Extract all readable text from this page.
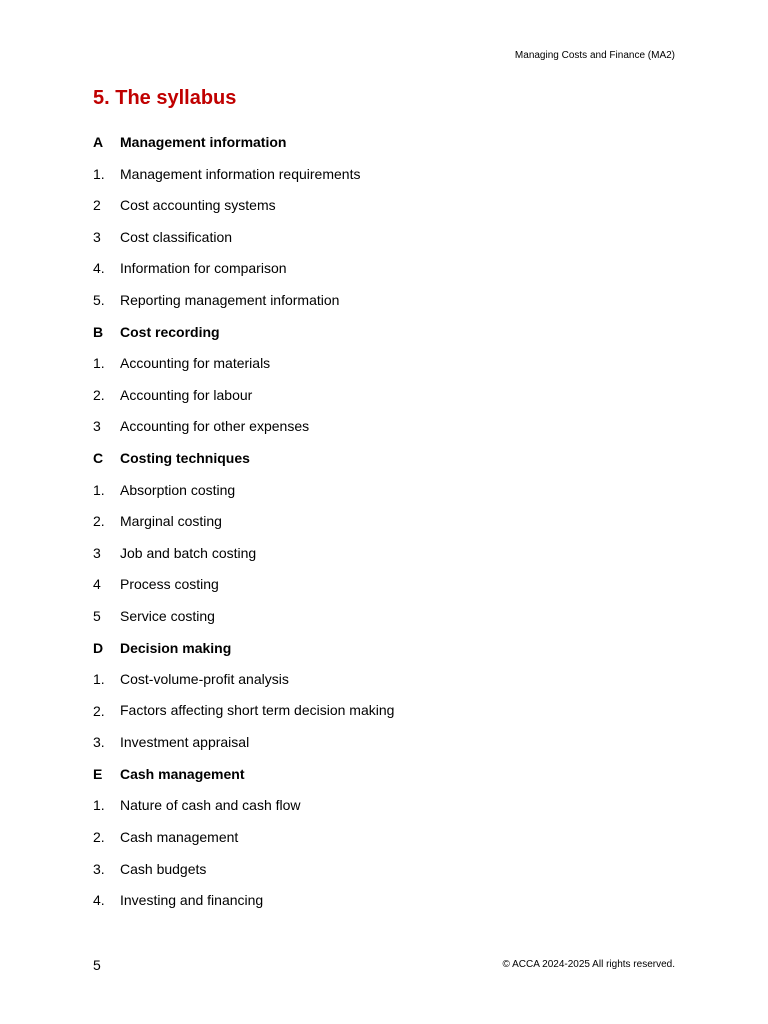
Managing Costs and Finance (MA2)
5. The syllabus
A	Management information
1.	Management information requirements
2	Cost accounting systems
3	Cost classification
4.	Information for comparison
5.	Reporting management information
B	Cost recording
1.	Accounting for materials
2.	Accounting for labour
3	Accounting for other expenses
C	Costing techniques
1.	Absorption costing
2.	Marginal costing
3	Job and batch costing
4	Process costing
5	Service costing
D	Decision making
1.	Cost-volume-profit analysis
2.	Factors affecting short term decision making
3.	Investment appraisal
E	Cash management
1.	Nature of cash and cash flow
2.	Cash management
3.	Cash budgets
4.	Investing and financing
5	© ACCA 2024-2025 All rights reserved.
